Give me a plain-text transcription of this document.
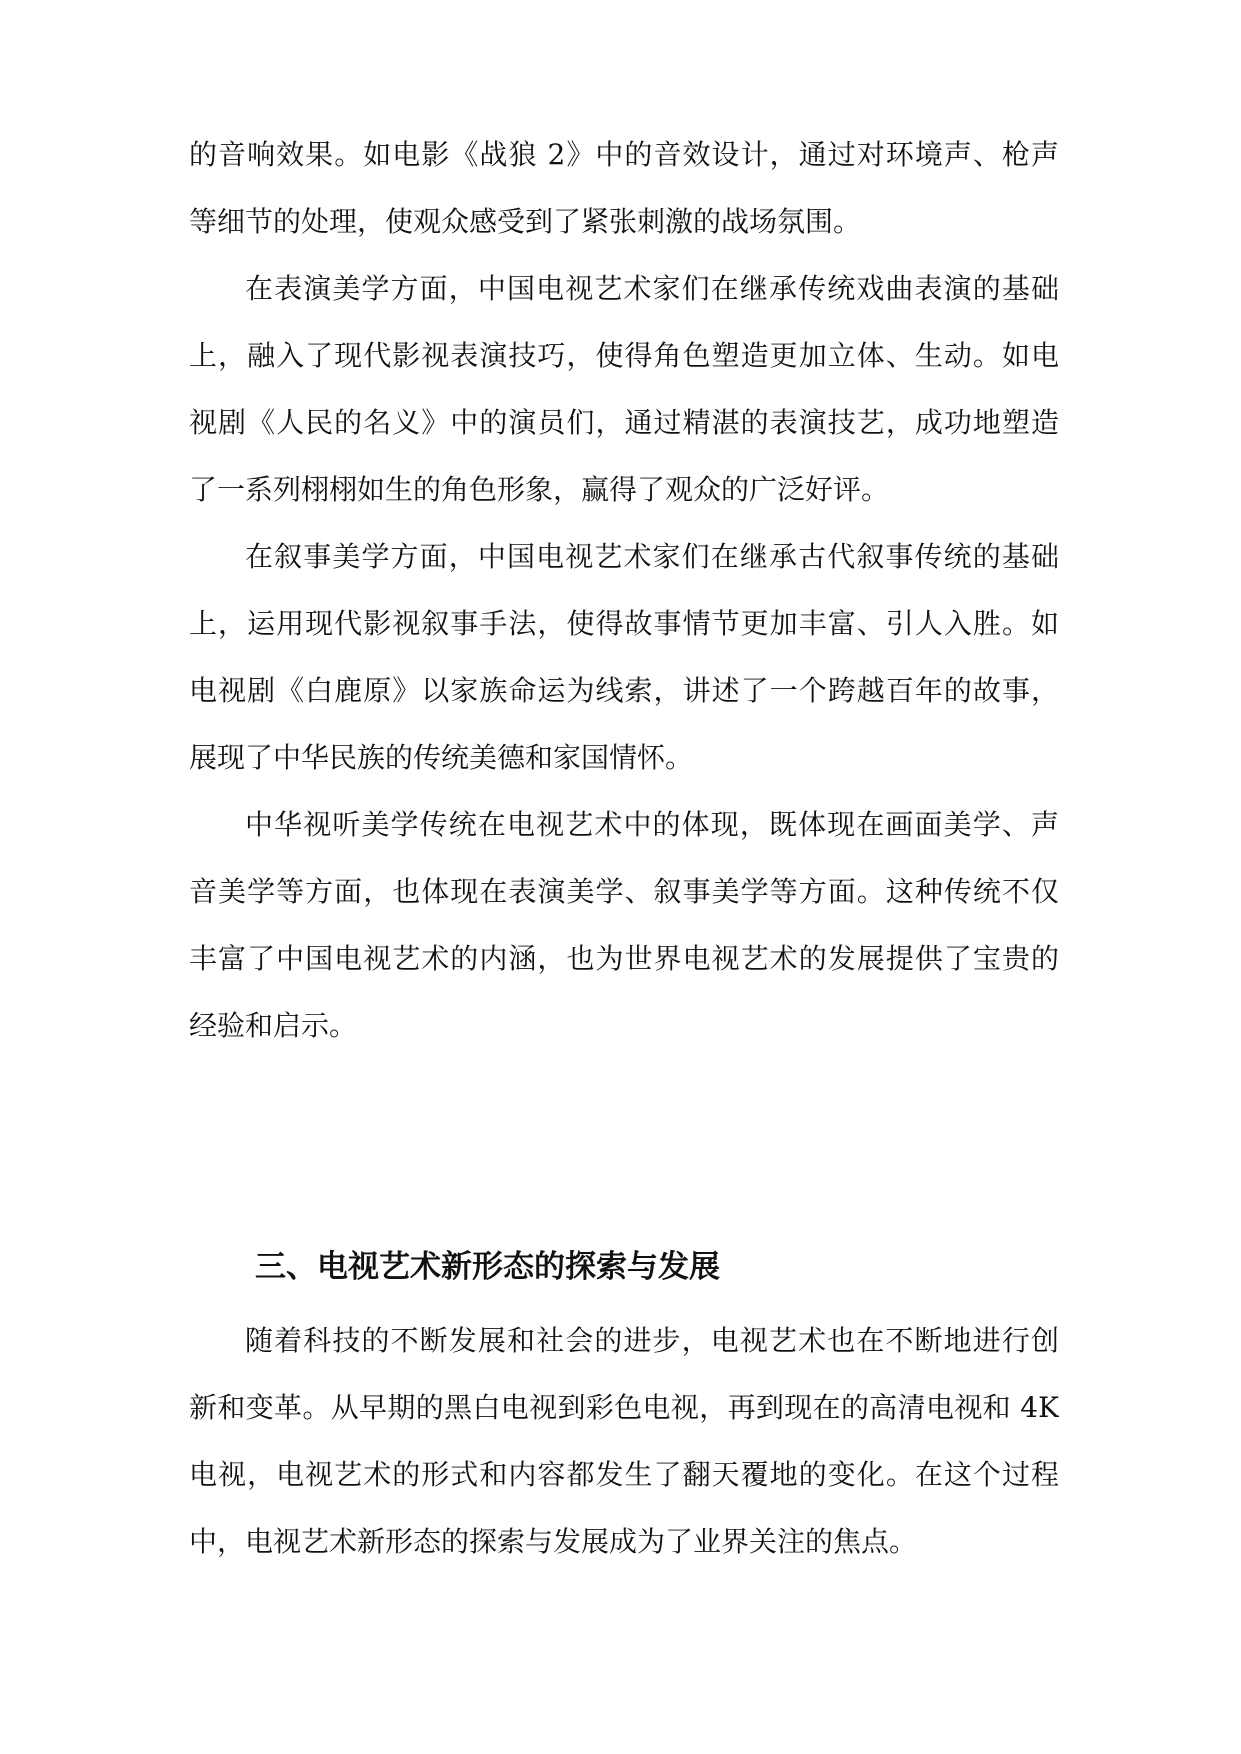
的音响效果。如电影《战狼 2》中的音效设计，通过对环境声、枪声
等细节的处理，使观众感受到了紧张刺激的战场氛围。
在表演美学方面，中国电视艺术家们在继承传统戏曲表演的基础
上，融入了现代影视表演技巧，使得角色塑造更加立体、生动。如电
视剧《人民的名义》中的演员们，通过精湛的表演技艺，成功地塑造
了一系列栩栩如生的角色形象，赢得了观众的广泛好评。
在叙事美学方面，中国电视艺术家们在继承古代叙事传统的基础
上，运用现代影视叙事手法，使得故事情节更加丰富、引人入胜。如
电视剧《白鹿原》以家族命运为线索，讲述了一个跨越百年的故事，
展现了中华民族的传统美德和家国情怀。
中华视听美学传统在电视艺术中的体现，既体现在画面美学、声
音美学等方面，也体现在表演美学、叙事美学等方面。这种传统不仅
丰富了中国电视艺术的内涵，也为世界电视艺术的发展提供了宝贵的
经验和启示。
三、电视艺术新形态的探索与发展
随着科技的不断发展和社会的进步，电视艺术也在不断地进行创
新和变革。从早期的黑白电视到彩色电视，再到现在的高清电视和 4K
电视，电视艺术的形式和内容都发生了翻天覆地的变化。在这个过程
中，电视艺术新形态的探索与发展成为了业界关注的焦点。
